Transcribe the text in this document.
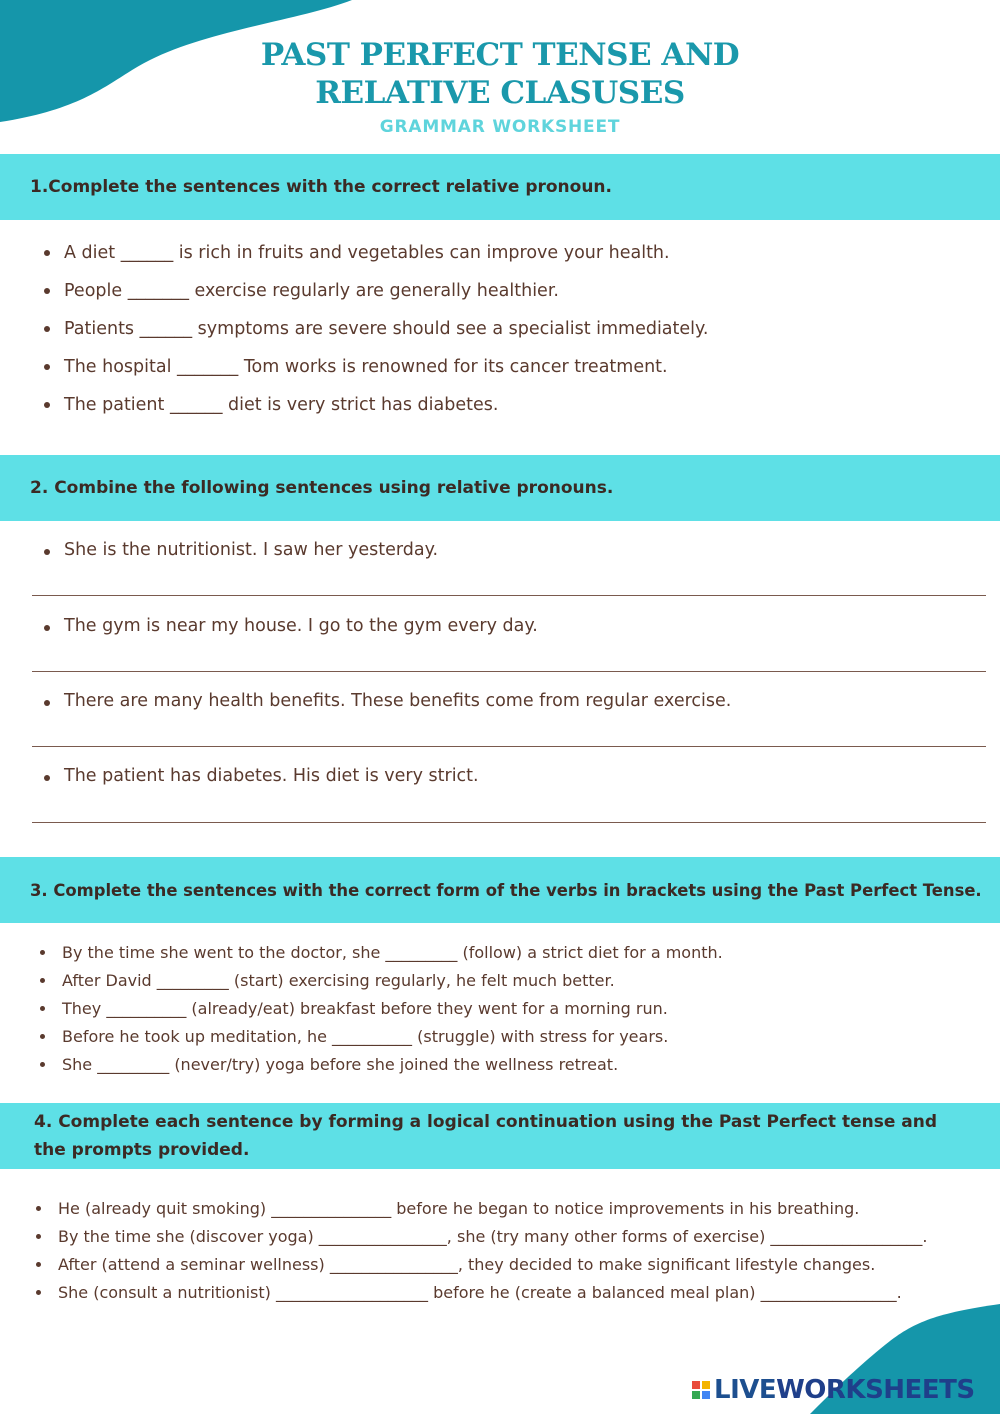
PAST PERFECT TENSE AND
RELATIVE CLASUSES
GRAMMAR WORKSHEET
1.Complete the sentences with the correct relative pronoun.
A diet ______ is rich in fruits and vegetables can improve your health.
People _______ exercise regularly are generally healthier.
Patients ______ symptoms are severe should see a specialist immediately.
The hospital _______ Tom works is renowned for its cancer treatment.
The patient ______ diet is very strict has diabetes.
2. Combine the following sentences using relative pronouns.
She is the nutritionist. I saw her yesterday.
The gym is near my house. I go to the gym every day.
There are many health benefits. These benefits come from regular exercise.
The patient has diabetes. His diet is very strict.
3. Complete the sentences with the correct form of the verbs in brackets using the Past Perfect Tense.
By the time she went to the doctor, she _________ (follow) a strict diet for a month.
After David _________ (start) exercising regularly, he felt much better.
They __________ (already/eat) breakfast before they went for a morning run.
Before he took up meditation, he __________ (struggle) with stress for years.
She _________ (never/try) yoga before she joined the wellness retreat.
4. Complete each sentence by forming a logical continuation using the Past Perfect tense and the prompts provided.
He (already quit smoking) _______________ before he began to notice improvements in his breathing.
By the time she (discover yoga) ________________, she (try many other forms of exercise) ___________________.
After (attend a seminar wellness) ________________, they decided to make significant lifestyle changes.
She (consult a nutritionist) ___________________ before he (create a balanced meal plan) _________________.
LIVE WORKSHEETS
